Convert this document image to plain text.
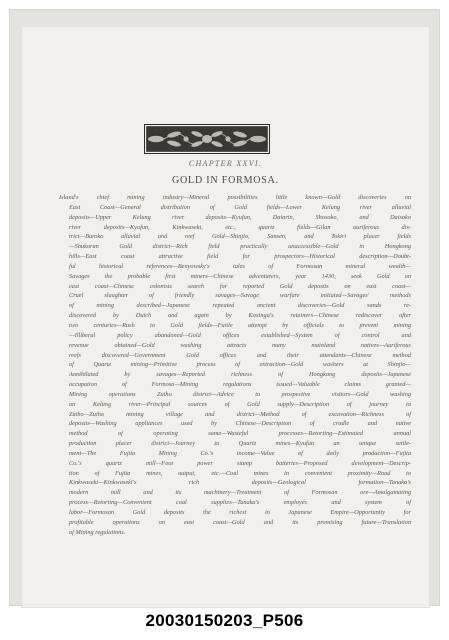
CHAPTER XXVI.
GOLD IN FORMOSA.

Island's chief mining industry—Mineral possibilities little known—Gold discoveries on
East Coast—General distribution of Gold fields—Lower Kelung river alluvial
deposits—Upper Kelung river deposits—Kyufun, Daiarin, Shosoko, and Daisoko
river deposits—Kyufun, Kinkwaseki, etc., quartz fields—Gilan auriferous dis-
trict—Buroko alluvial and reef Gold—Shinjio, Sansen, and Tokiri placer fields
—Shukoran Gold district—Rich field practically unaccessible—Gold in Hongkong
hills—East coast attractive field for prospectors—Historical description—Doubt-
ful historical references—Benyowsky's tales of Formosan mineral wealth—
Savages the probable first miners—Chinese adventurers, year 1430, seek Gold on
east coast—Chinese colonists search for reported Gold deposits on east coast—
Cruel slaughter of friendly savages—Savage warfare initiated—Savages' methods
of mining described—Japanese repeated ancient discoveries—Gold sands re-
discovered by Dutch and again by Koxinga's retainers—Chinese rediscover after
two centuries—Rush to Gold fields—Futile attempt by officials to prevent mining
—Illiberal policy abandoned—Gold offices established—System of control and
revenue obtained—Gold washing attracts many mainland natives—Auriferous
reefs discovered—Government Gold offices and their attendants—Chinese method
of Quartz mining—Primitive process of extraction—Gold washers at Shinjio—
Annihilated by savages—Reported richness of Hongkong deposits—Japanese
occupation of Formosa—Mining regulations issued—Valuable claims granted—
Mining operations Zuiho district—Advice to prospective visitors—Gold washing
on Kelung river—Principal sources of Gold supply—Description of journey to
Zuiho—Zuiho mining village and district—Method of excavation—Richness of
deposits—Washing appliances used by Chinese—Description of cradle and native
method of operating same—Wasteful processes—Retorting—Estimated annual
production placer district—Journey to Quartz mines—Kyufun an unique settle-
ment—The Fujita Mining Co.'s income—Value of daily production—Fujita
Co.'s quartz mill—Foot power stamp batteries—Proposed development—Descrip-
tion of Fujita mines, output, etc.—Coal mines in convenient proximity—Road to
Kinkwaseki—Kinkwaseki's rich deposits—Geological formation—Tanaka's
modern mill and its machinery—Treatment of Formosan ore—Amalgamating
process—Retorting—Convenient coal supplies—Tanaka's employés and system of
labor—Formosan Gold deposits the richest in Japanese Empire—Opportunity for
profitable operations on east coast—Gold and its promising future—Translation
of Mining regulations.

20030150203_P506
